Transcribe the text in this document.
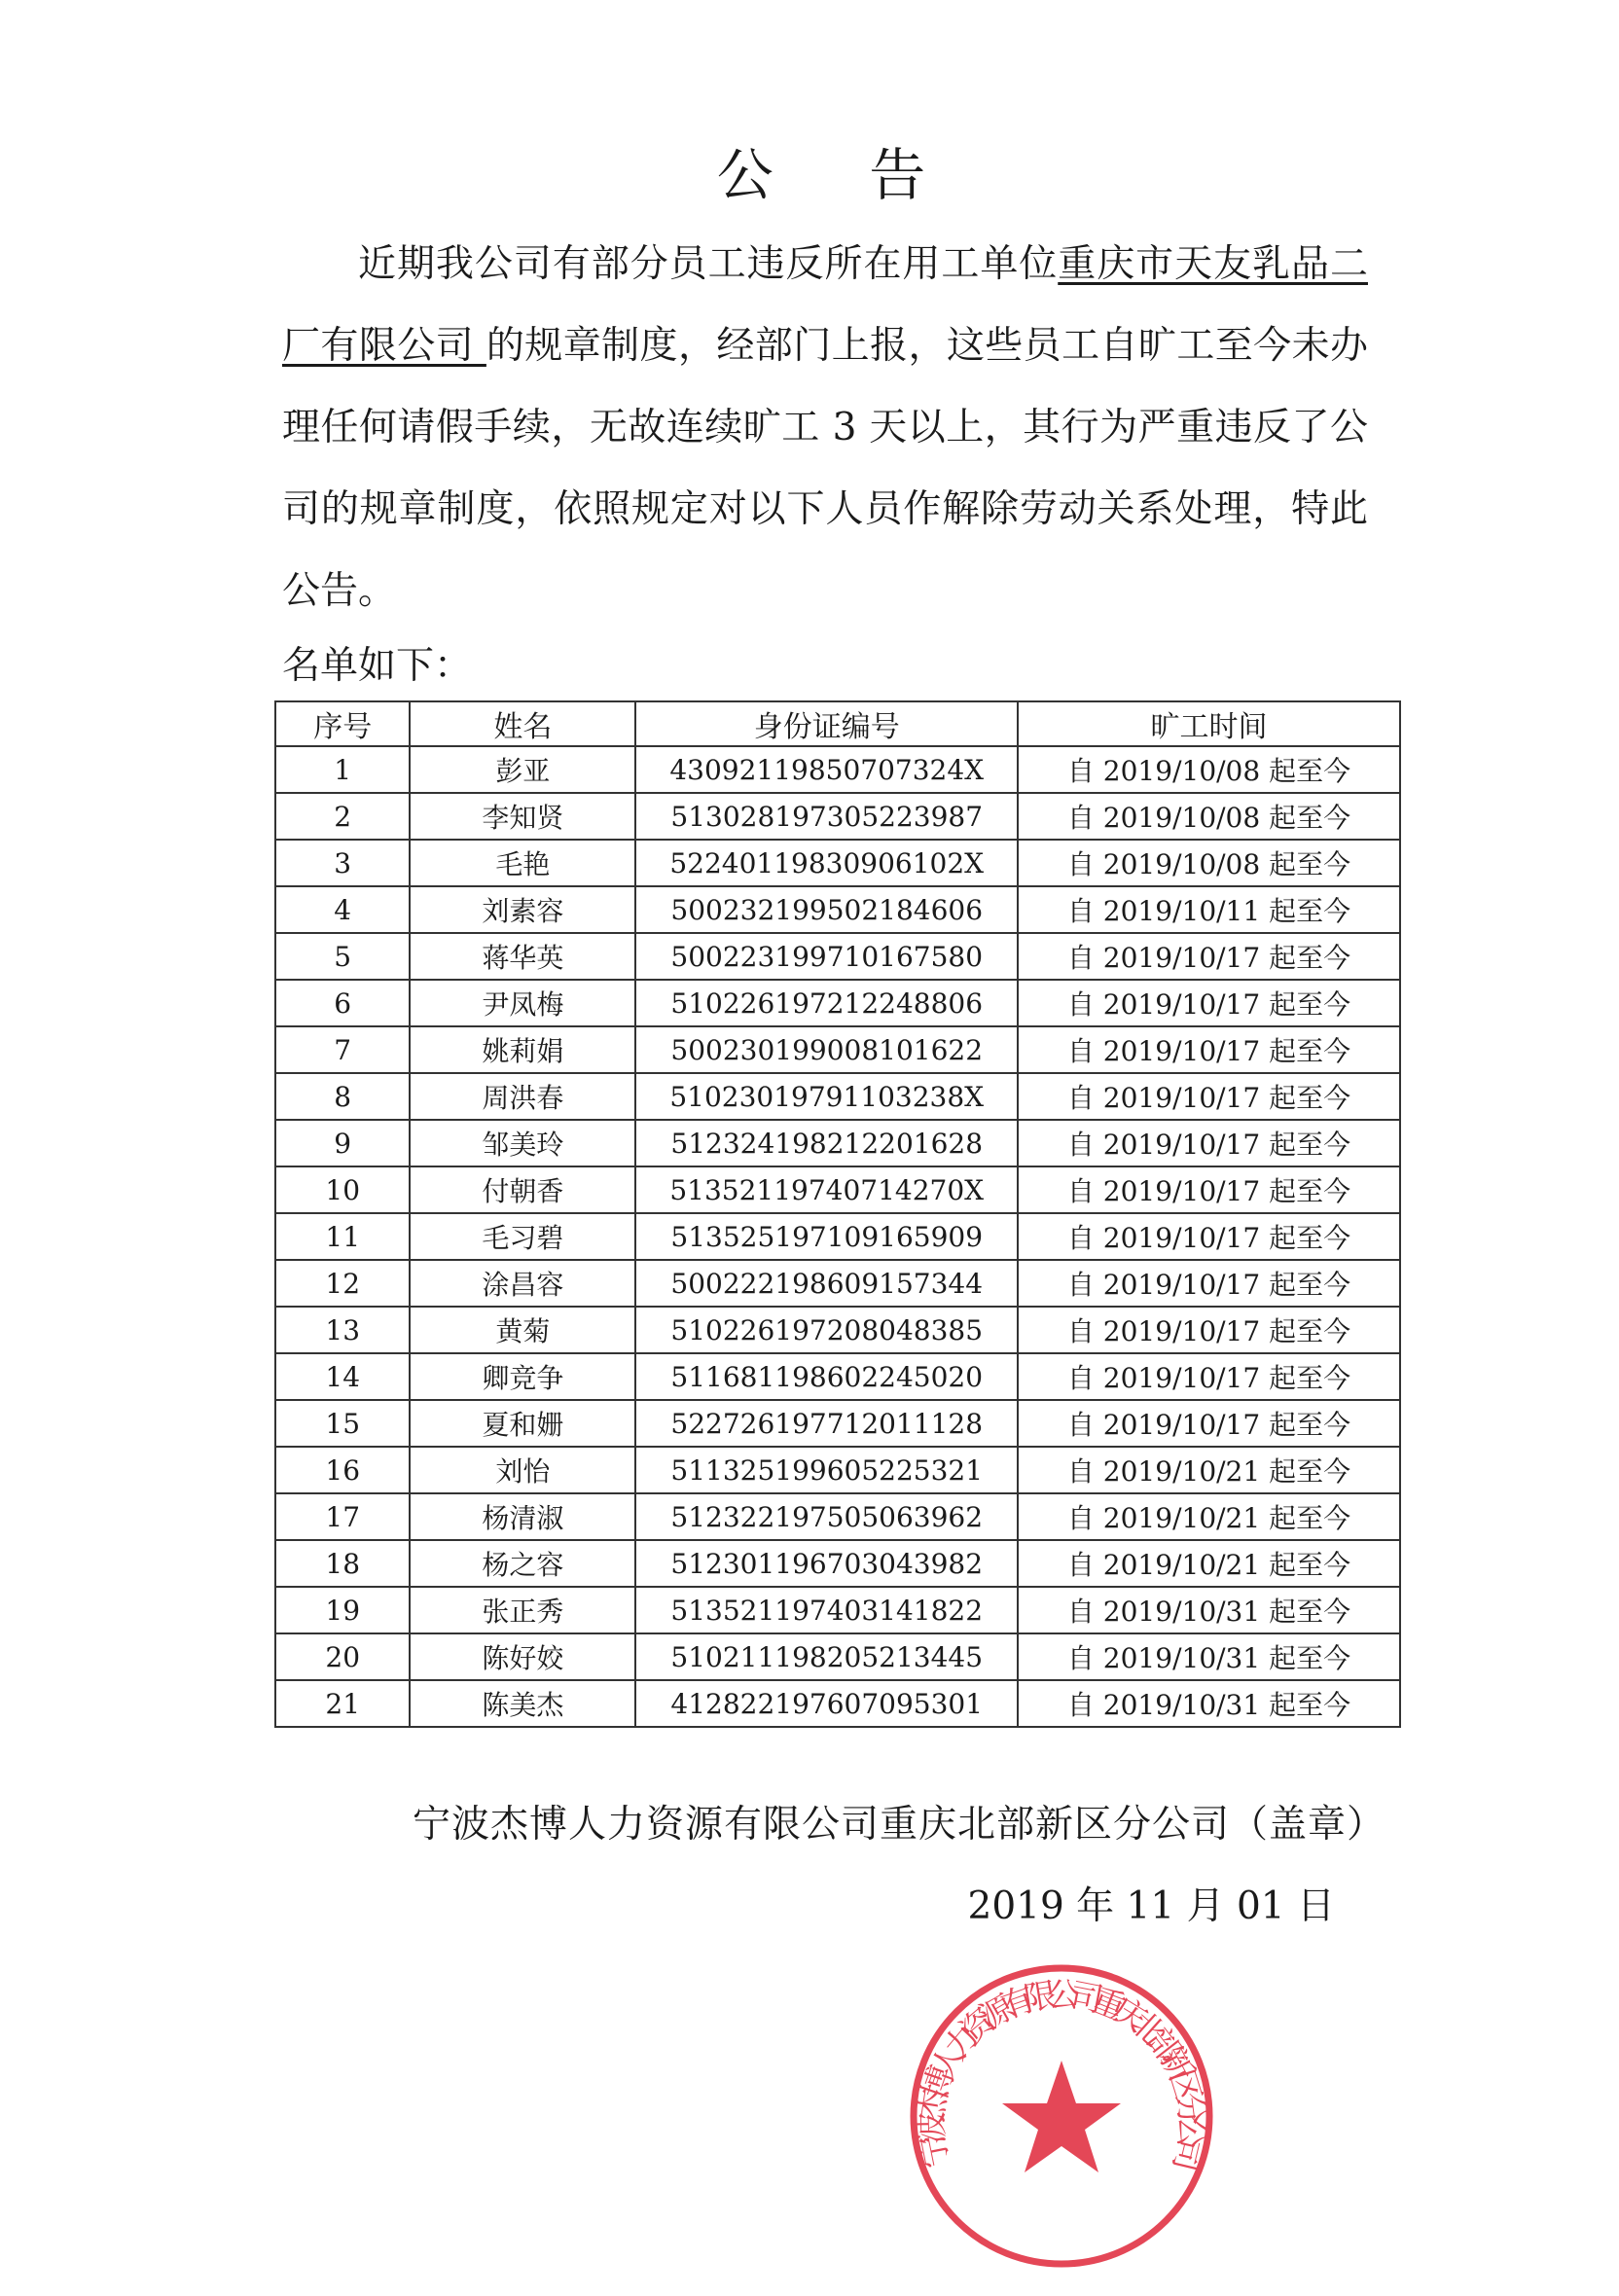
公 告
近期我公司有部分员工违反所在用工单位重庆市天友乳品二厂有限公司 的规章制度，经部门上报，这些员工自旷工至今未办理任何请假手续，无故连续旷工 3 天以上，其行为严重违反了公司的规章制度，依照规定对以下人员作解除劳动关系处理，特此公告。
名单如下：
序号	姓名	身份证编号	旷工时间
1	彭亚	43092119850707324X	自 2019/10/08 起至今
2	李知贤	513028197305223987	自 2019/10/08 起至今
3	毛艳	52240119830906102X	自 2019/10/08 起至今
4	刘素容	500232199502184606	自 2019/10/11 起至今
5	蒋华英	500223199710167580	自 2019/10/17 起至今
6	尹凤梅	510226197212248806	自 2019/10/17 起至今
7	姚莉娟	500230199008101622	自 2019/10/17 起至今
8	周洪春	51023019791103238X	自 2019/10/17 起至今
9	邹美玲	512324198212201628	自 2019/10/17 起至今
10	付朝香	51352119740714270X	自 2019/10/17 起至今
11	毛习碧	513525197109165909	自 2019/10/17 起至今
12	涂昌容	500222198609157344	自 2019/10/17 起至今
13	黄菊	510226197208048385	自 2019/10/17 起至今
14	卿竞争	511681198602245020	自 2019/10/17 起至今
15	夏和姗	522726197712011128	自 2019/10/17 起至今
16	刘怡	511325199605225321	自 2019/10/21 起至今
17	杨清淑	512322197505063962	自 2019/10/21 起至今
18	杨之容	512301196703043982	自 2019/10/21 起至今
19	张正秀	513521197403141822	自 2019/10/31 起至今
20	陈好姣	510211198205213445	自 2019/10/31 起至今
21	陈美杰	412822197607095301	自 2019/10/31 起至今
宁波杰博人力资源有限公司重庆北部新区分公司（盖章）
2019 年 11 月 01 日
宁波杰博人力资源有限公司重庆北部新区分公司
